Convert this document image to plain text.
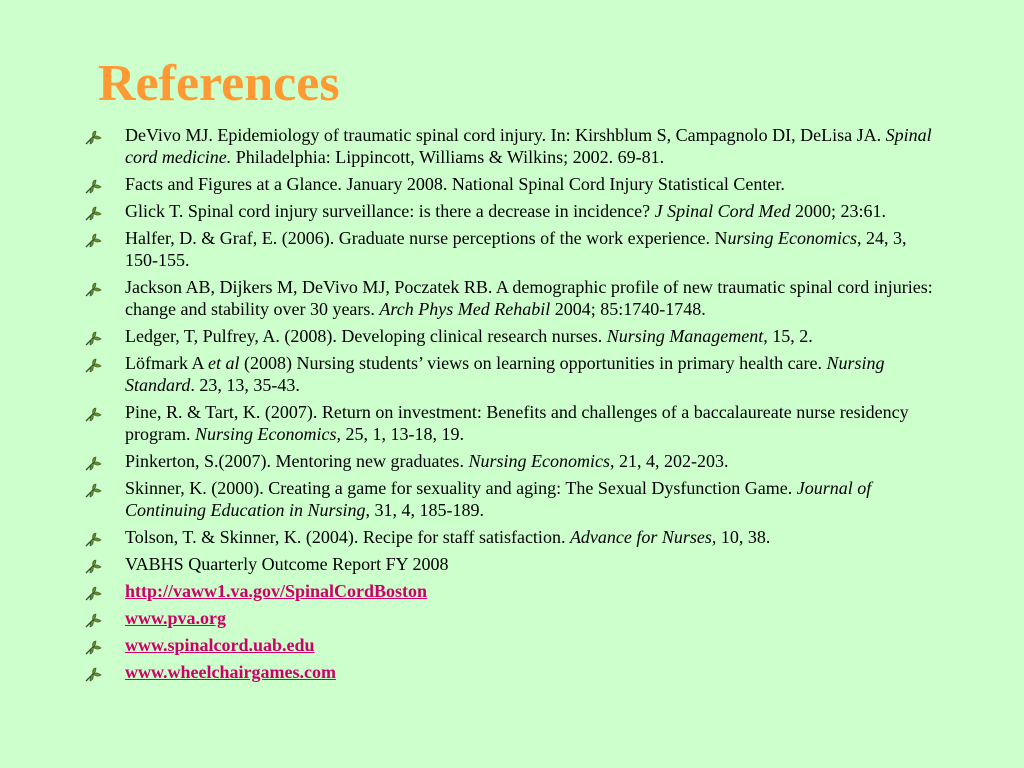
References
DeVivo MJ. Epidemiology of traumatic spinal cord injury. In: Kirshblum S, Campagnolo DI, DeLisa JA. Spinal cord medicine. Philadelphia: Lippincott, Williams & Wilkins; 2002. 69-81.
Facts and Figures at a Glance. January 2008. National Spinal Cord Injury Statistical Center.
Glick T. Spinal cord injury surveillance: is there a decrease in incidence? J Spinal Cord Med 2000; 23:61.
Halfer, D. & Graf, E. (2006). Graduate nurse perceptions of the work experience. Nursing Economics, 24, 3, 150-155.
Jackson AB, Dijkers M, DeVivo MJ, Poczatek RB. A demographic profile of new traumatic spinal cord injuries: change and stability over 30 years. Arch Phys Med Rehabil 2004; 85:1740-1748.
Ledger, T, Pulfrey, A. (2008). Developing clinical research nurses. Nursing Management, 15, 2.
Löfmark A et al (2008) Nursing students’ views on learning opportunities in primary health care. Nursing Standard. 23, 13, 35-43.
Pine, R. & Tart, K. (2007). Return on investment: Benefits and challenges of a baccalaureate nurse residency program. Nursing Economics, 25, 1, 13-18, 19.
Pinkerton, S.(2007). Mentoring new graduates. Nursing Economics, 21, 4, 202-203.
Skinner, K. (2000). Creating a game for sexuality and aging: The Sexual Dysfunction Game. Journal of Continuing Education in Nursing, 31, 4, 185-189.
Tolson, T. & Skinner, K. (2004). Recipe for staff satisfaction. Advance for Nurses, 10, 38.
VABHS Quarterly Outcome Report FY 2008
http://vaww1.va.gov/SpinalCordBoston
www.pva.org
www.spinalcord.uab.edu
www.wheelchairgames.com
